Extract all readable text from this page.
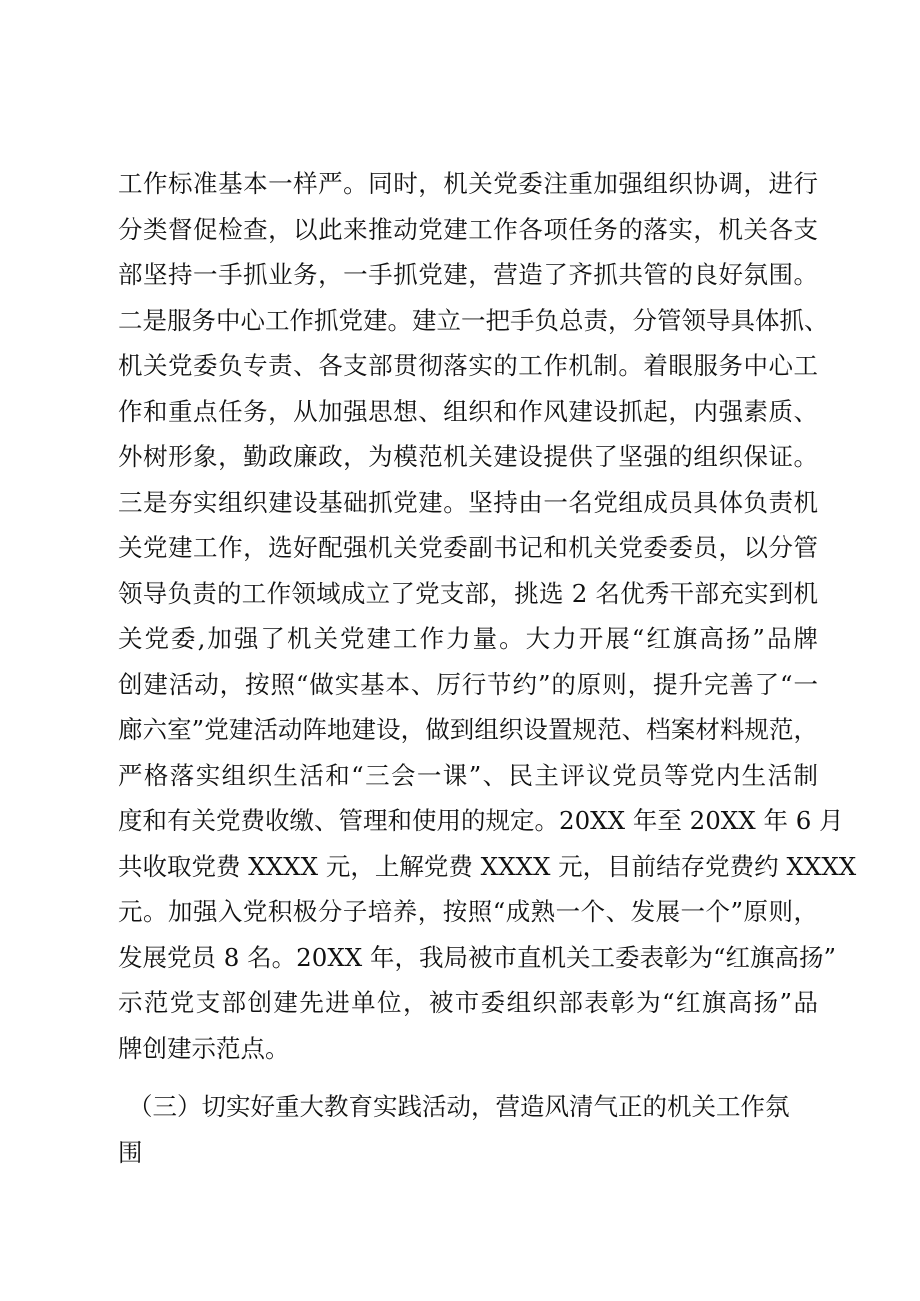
工作标准基本一样严。同时，机关党委注重加强组织协调，进行
分类督促检查，以此来推动党建工作各项任务的落实，机关各支
部坚持一手抓业务，一手抓党建，营造了齐抓共管的良好氛围。
二是服务中心工作抓党建。建立一把手负总责，分管领导具体抓、
机关党委负专责、各支部贯彻落实的工作机制。着眼服务中心工
作和重点任务，从加强思想、组织和作风建设抓起，内强素质、
外树形象，勤政廉政，为模范机关建设提供了坚强的组织保证。
三是夯实组织建设基础抓党建。坚持由一名党组成员具体负责机
关党建工作，选好配强机关党委副书记和机关党委委员，以分管
领导负责的工作领域成立了党支部，挑选 2 名优秀干部充实到机
关党委,加强了机关党建工作力量。大力开展“红旗高扬”品牌
创建活动，按照“做实基本、厉行节约”的原则，提升完善了“一
廊六室”党建活动阵地建设，做到组织设置规范、档案材料规范，
严格落实组织生活和“三会一课”、民主评议党员等党内生活制
度和有关党费收缴、管理和使用的规定。20XX 年至 20XX 年 6 月
共收取党费 XXXX 元，上解党费 XXXX 元，目前结存党费约 XXXX
元。加强入党积极分子培养，按照“成熟一个、发展一个”原则，
发展党员 8 名。20XX 年，我局被市直机关工委表彰为“红旗高扬”
示范党支部创建先进单位，被市委组织部表彰为“红旗高扬”品
牌创建示范点。
（三）切实好重大教育实践活动，营造风清气正的机关工作氛
围
